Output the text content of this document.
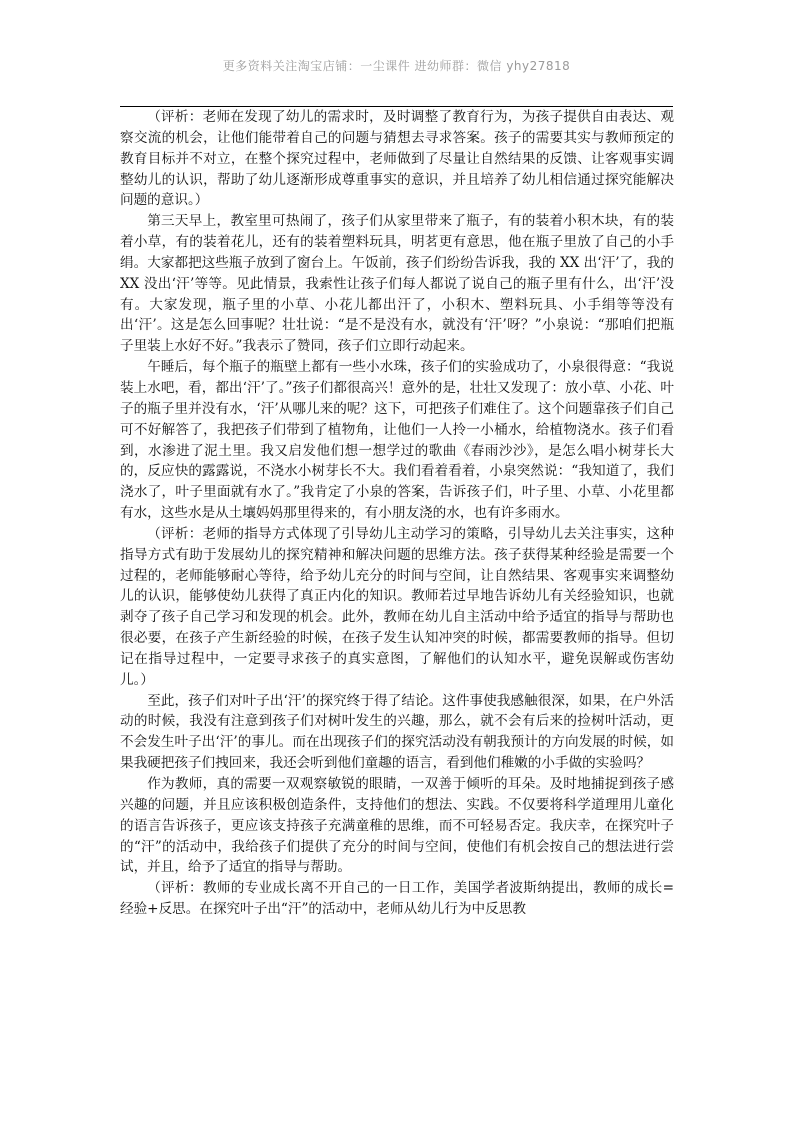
更多资料关注淘宝店铺：一尘课件 进幼师群：微信 yhy27818

（评析：老师在发现了幼儿的需求时，及时调整了教育行为，为孩子提供自由表达、观察交流的机会，让他们能带着自己的问题与猜想去寻求答案。孩子的需要其实与教师预定的教育目标并不对立，在整个探究过程中，老师做到了尽量让自然结果的反馈、让客观事实调整幼儿的认识，帮助了幼儿逐渐形成尊重事实的意识，并且培养了幼儿相信通过探究能解决问题的意识。）

第三天早上，教室里可热闹了，孩子们从家里带来了瓶子，有的装着小积木块，有的装着小草，有的装着花儿，还有的装着塑料玩具，明茗更有意思，他在瓶子里放了自己的小手绢。大家都把这些瓶子放到了窗台上。午饭前，孩子们纷纷告诉我，我的 XX 出‘汗’了，我的 XX 没出‘汗’等等。见此情景，我索性让孩子们每人都说了说自己的瓶子里有什么，出‘汗’没有。大家发现，瓶子里的小草、小花儿都出汗了，小积木、塑料玩具、小手绢等等没有出‘汗’。这是怎么回事呢？壮壮说：“是不是没有水，就没有‘汗’呀？”小泉说：“那咱们把瓶子里装上水好不好。”我表示了赞同，孩子们立即行动起来。

午睡后，每个瓶子的瓶壁上都有一些小水珠，孩子们的实验成功了，小泉很得意：“我说装上水吧，看，都出‘汗’了。”孩子们都很高兴！意外的是，壮壮又发现了：放小草、小花、叶子的瓶子里并没有水，‘汗’从哪儿来的呢？这下，可把孩子们难住了。这个问题靠孩子们自己可不好解答了，我把孩子们带到了植物角，让他们一人拎一小桶水，给植物浇水。孩子们看到，水渗进了泥土里。我又启发他们想一想学过的歌曲《春雨沙沙》，是怎么唱小树芽长大的，反应快的露露说，不浇水小树芽长不大。我们看着看着，小泉突然说：“我知道了，我们浇水了，叶子里面就有水了。”我肯定了小泉的答案，告诉孩子们，叶子里、小草、小花里都有水，这些水是从土壤妈妈那里得来的，有小朋友浇的水，也有许多雨水。

（评析：老师的指导方式体现了引导幼儿主动学习的策略，引导幼儿去关注事实，这种指导方式有助于发展幼儿的探究精神和解决问题的思维方法。孩子获得某种经验是需要一个过程的，老师能够耐心等待，给予幼儿充分的时间与空间，让自然结果、客观事实来调整幼儿的认识，能够使幼儿获得了真正内化的知识。教师若过早地告诉幼儿有关经验知识，也就剥夺了孩子自己学习和发现的机会。此外，教师在幼儿自主活动中给予适宜的指导与帮助也很必要，在孩子产生新经验的时候，在孩子发生认知冲突的时候，都需要教师的指导。但切记在指导过程中，一定要寻求孩子的真实意图，了解他们的认知水平，避免误解或伤害幼儿。）

至此，孩子们对叶子出‘汗’的探究终于得了结论。这件事使我感触很深，如果，在户外活动的时候，我没有注意到孩子们对树叶发生的兴趣，那么，就不会有后来的捡树叶活动，更不会发生叶子出‘汗’的事儿。而在出现孩子们的探究活动没有朝我预计的方向发展的时候，如果我硬把孩子们拽回来，我还会听到他们童趣的语言，看到他们稚嫩的小手做的实验吗？

作为教师，真的需要一双观察敏锐的眼睛，一双善于倾听的耳朵。及时地捕捉到孩子感兴趣的问题，并且应该积极创造条件，支持他们的想法、实践。不仅要将科学道理用儿童化的语言告诉孩子，更应该支持孩子充满童稚的思维，而不可轻易否定。我庆幸，在探究叶子的“汗”的活动中，我给孩子们提供了充分的时间与空间，使他们有机会按自己的想法进行尝试，并且，给予了适宜的指导与帮助。

（评析：教师的专业成长离不开自己的一日工作，美国学者波斯纳提出，教师的成长=经验+反思。在探究叶子出“汗”的活动中，老师从幼儿行为中反思教
